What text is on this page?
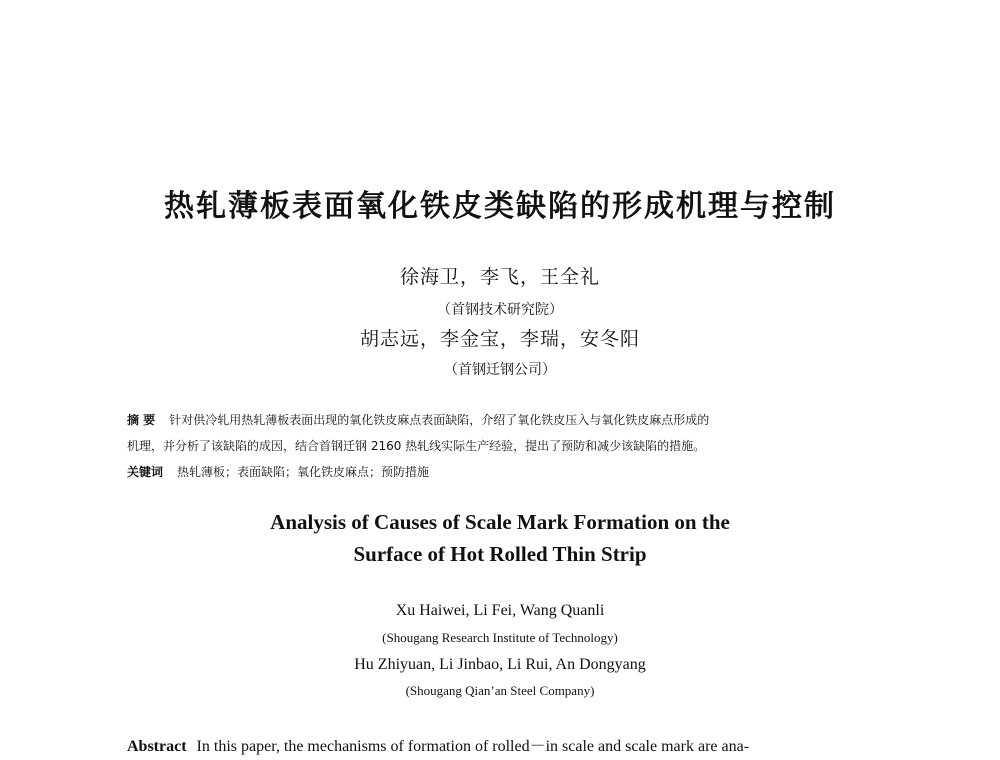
热轧薄板表面氧化铁皮类缺陷的形成机理与控制
徐海卫，李飞，王全礼
（首钢技术研究院）
胡志远，李金宝，李瑞，安冬阳
（首钢迁钢公司）
摘 要 针对供冷轧用热轧薄板表面出现的氧化铁皮麻点表面缺陷，介绍了氧化铁皮压入与氧化铁皮麻点形成的
机理，并分析了该缺陷的成因，结合首钢迁钢 2160 热轧线实际生产经验，提出了预防和减少该缺陷的措施。
关键词 热轧薄板；表面缺陷；氧化铁皮麻点；预防措施
Analysis of Causes of Scale Mark Formation on the
Surface of Hot Rolled Thin Strip
Xu Haiwei, Li Fei, Wang Quanli
(Shougang Research Institute of Technology)
Hu Zhiyuan, Li Jinbao, Li Rui, An Dongyang
(Shougang Qian’an Steel Company)
Abstract In this paper, the mechanisms of formation of rolled－in scale and scale mark are ana-
